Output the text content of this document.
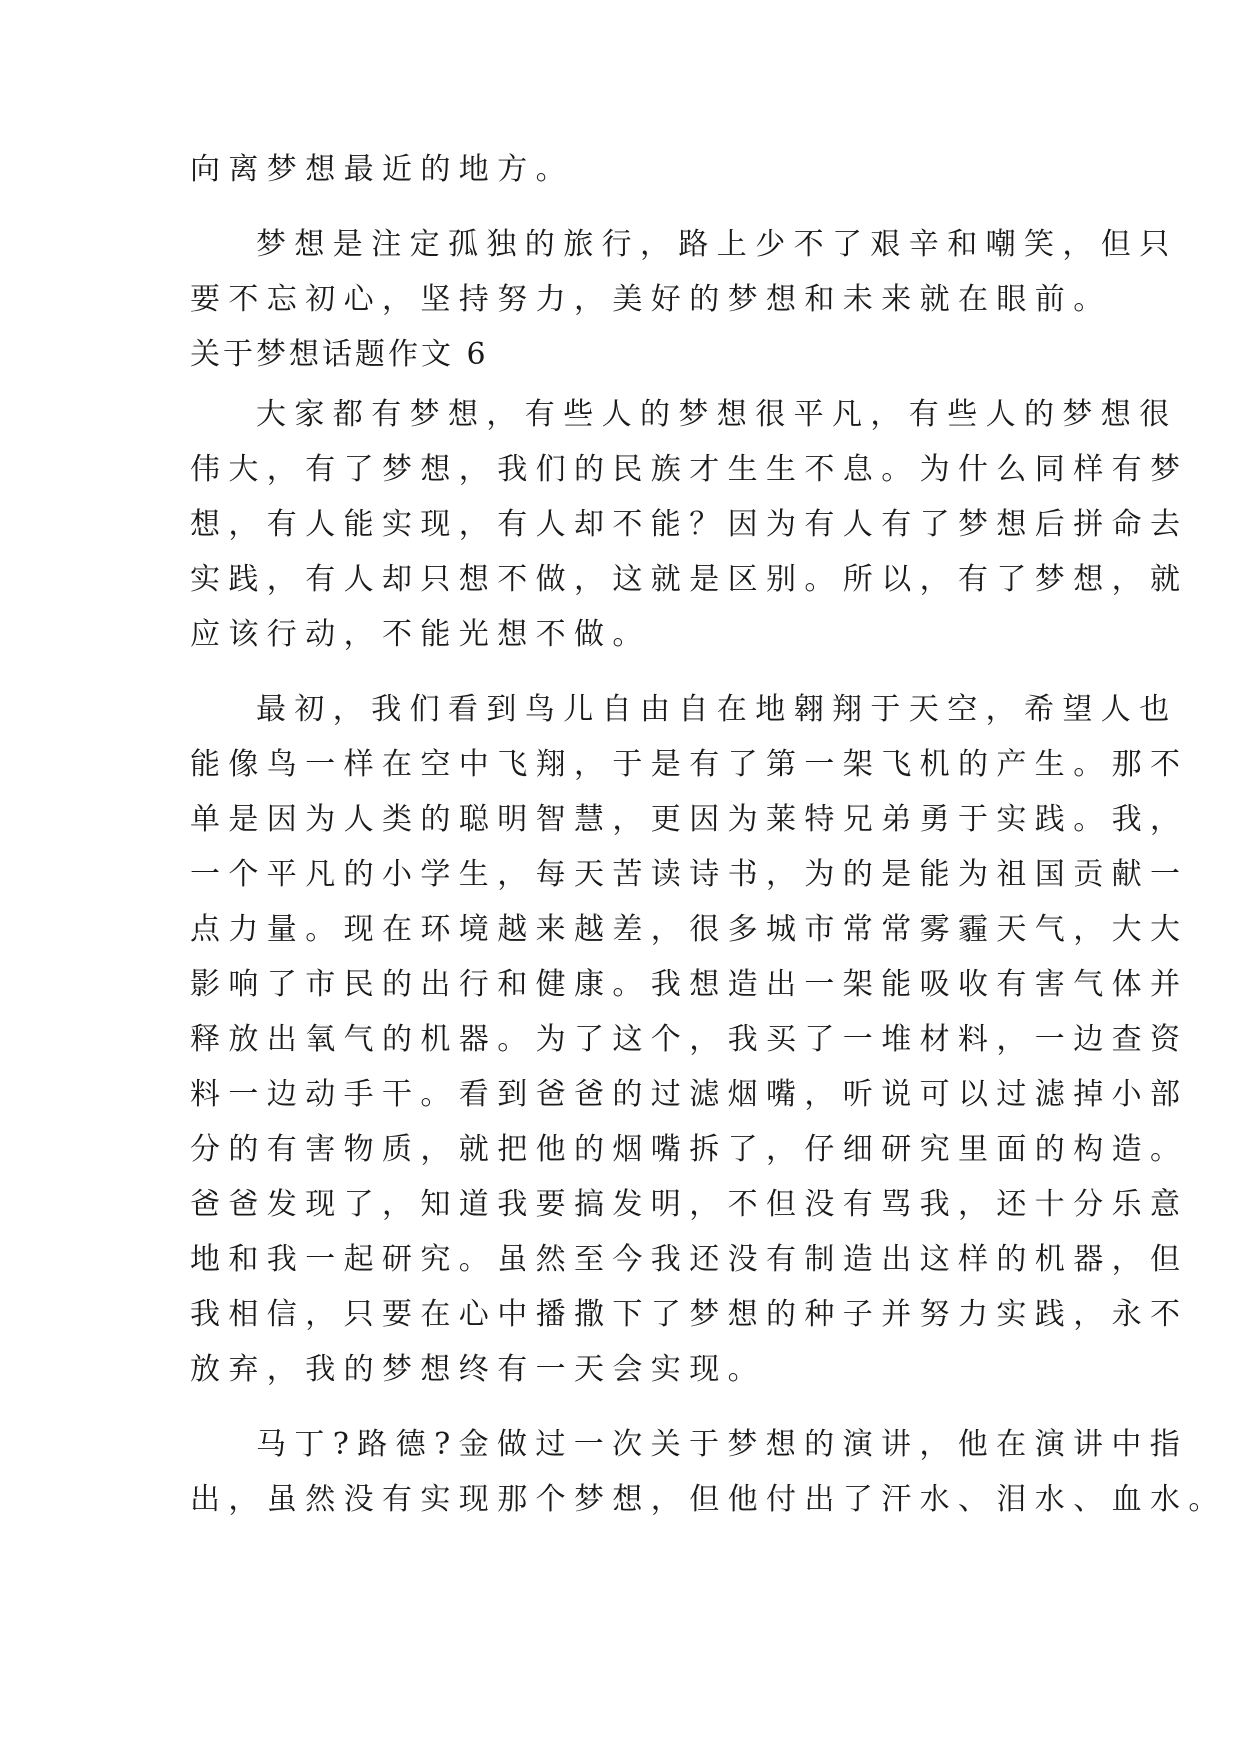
向离梦想最近的地方。
梦想是注定孤独的旅行，路上少不了艰辛和嘲笑，但只
要不忘初心，坚持努力，美好的梦想和未来就在眼前。
关于梦想话题作文 6
大家都有梦想，有些人的梦想很平凡，有些人的梦想很
伟大，有了梦想，我们的民族才生生不息。为什么同样有梦
想，有人能实现，有人却不能？因为有人有了梦想后拼命去
实践，有人却只想不做，这就是区别。所以，有了梦想，就
应该行动，不能光想不做。
最初，我们看到鸟儿自由自在地翱翔于天空，希望人也
能像鸟一样在空中飞翔，于是有了第一架飞机的产生。那不
单是因为人类的聪明智慧，更因为莱特兄弟勇于实践。我，
一个平凡的小学生，每天苦读诗书，为的是能为祖国贡献一
点力量。现在环境越来越差，很多城市常常雾霾天气，大大
影响了市民的出行和健康。我想造出一架能吸收有害气体并
释放出氧气的机器。为了这个，我买了一堆材料，一边查资
料一边动手干。看到爸爸的过滤烟嘴，听说可以过滤掉小部
分的有害物质，就把他的烟嘴拆了，仔细研究里面的构造。
爸爸发现了，知道我要搞发明，不但没有骂我，还十分乐意
地和我一起研究。虽然至今我还没有制造出这样的机器，但
我相信，只要在心中播撒下了梦想的种子并努力实践，永不
放弃，我的梦想终有一天会实现。
马丁?路德?金做过一次关于梦想的演讲，他在演讲中指
出，虽然没有实现那个梦想，但他付出了汗水、泪水、血水。
